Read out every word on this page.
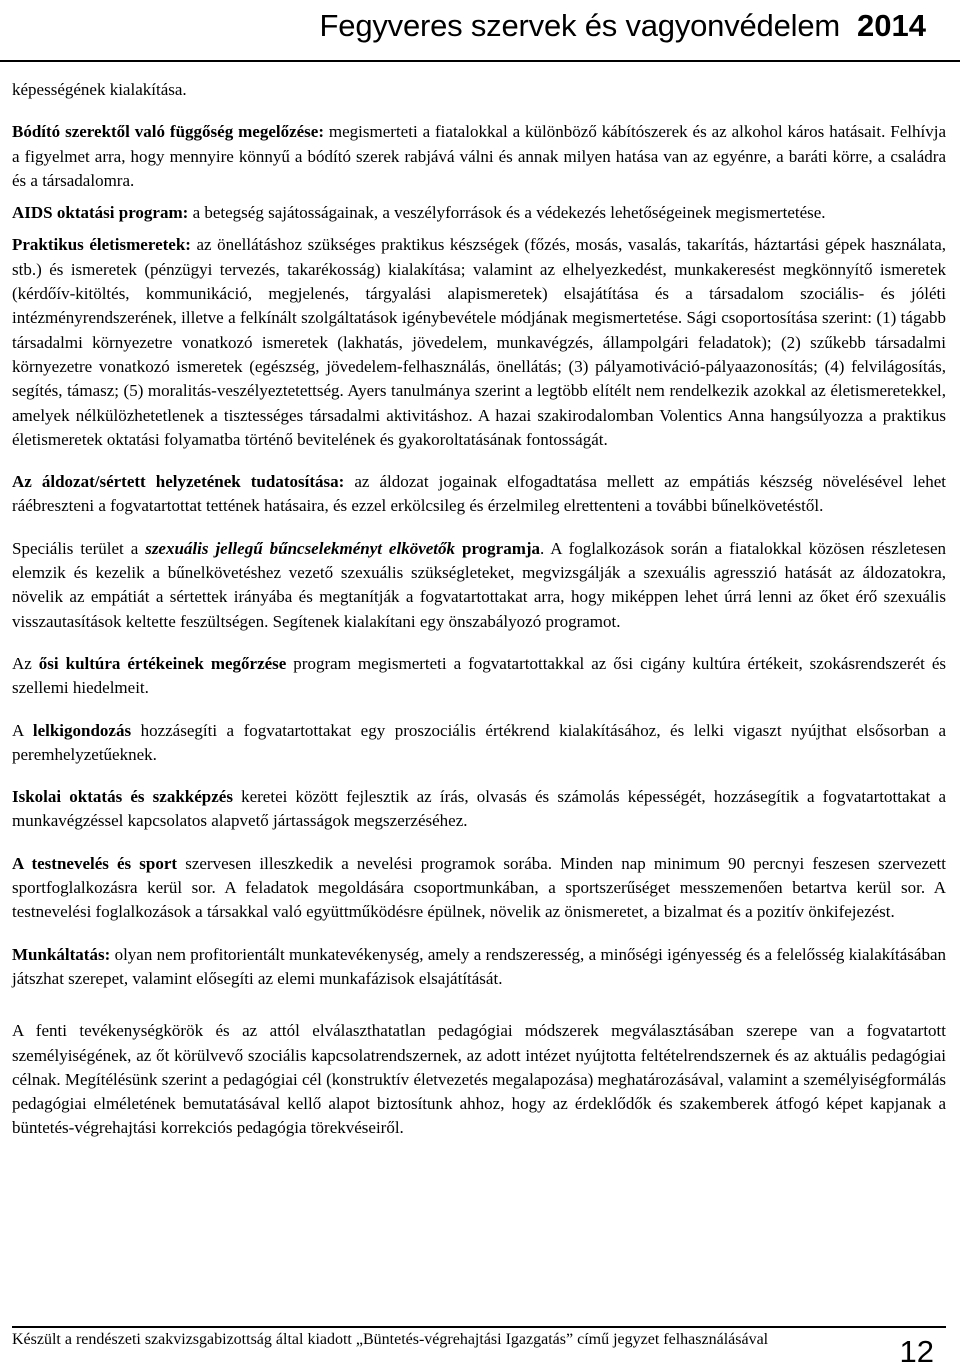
Fegyveres szervek és vagyonvédelem 2014

képességének kialakítása.

Bódító szerektől való függőség megelőzése: megismerteti a fiatalokkal a különböző kábítószerek és az alkohol káros hatásait. Felhívja a figyelmet arra, hogy mennyire könnyű a bódító szerek rabjává válni és annak milyen hatása van az egyénre, a baráti körre, a családra és a társadalomra.

AIDS oktatási program: a betegség sajátosságainak, a veszélyforrások és a védekezés lehetőségeinek megismertetése.

Praktikus életismeretek: az önellátáshoz szükséges praktikus készségek (főzés, mosás, vasalás, takarítás, háztartási gépek használata, stb.) és ismeretek (pénzügyi tervezés, takarékosság) kialakítása; valamint az elhelyezkedést, munkakeresést megkönnyítő ismeretek (kérdőív-kitöltés, kommunikáció, megjelenés, tárgyalási alapismeretek) elsajátítása és a társadalom szociális- és jóléti intézményrendszerének, illetve a felkínált szolgáltatások igénybevétele módjának megismertetése. Sági csoportosítása szerint: (1) tágabb társadalmi környezetre vonatkozó ismeretek (lakhatás, jövedelem, munkavégzés, állampolgári feladatok); (2) szűkebb társadalmi környezetre vonatkozó ismeretek (egészség, jövedelem-felhasználás, önellátás; (3) pályamotiváció-pályaazonosítás; (4) felvilágosítás, segítés, támasz; (5) moralitás-veszélyeztetettség. Ayers tanulmánya szerint a legtöbb elítélt nem rendelkezik azokkal az életismeretekkel, amelyek nélkülözhetetlenek a tisztességes társadalmi aktivitáshoz. A hazai szakirodalomban Volentics Anna hangsúlyozza a praktikus életismeretek oktatási folyamatba történő bevitelének és gyakoroltatásának fontosságát.

Az áldozat/sértett helyzetének tudatosítása: az áldozat jogainak elfogadtatása mellett az empátiás készség növelésével lehet ráébreszteni a fogvatartottat tettének hatásaira, és ezzel erkölcsileg és érzelmileg elrettenteni a további bűnelkövetéstől.

Speciális terület a szexuális jellegű bűncselekményt elkövetők programja. A foglalkozások során a fiatalokkal közösen részletesen elemzik és kezelik a bűnelkövetéshez vezető szexuális szükségleteket, megvizsgálják a szexuális agresszió hatását az áldozatokra, növelik az empátiát a sértettek irányába és megtanítják a fogvatartottakat arra, hogy miképpen lehet úrrá lenni az őket érő szexuális visszautasítások keltette feszültségen. Segítenek kialakítani egy önszabályozó programot.

Az ősi kultúra értékeinek megőrzése program megismerteti a fogvatartottakkal az ősi cigány kultúra értékeit, szokásrendszerét és szellemi hiedelmeit.

A lelkigondozás hozzásegíti a fogvatartottakat egy proszociális értékrend kialakításához, és lelki vigaszt nyújthat elsősorban a peremhelyzetűeknek.

Iskolai oktatás és szakképzés keretei között fejlesztik az írás, olvasás és számolás képességét, hozzásegítik a fogvatartottakat a munkavégzéssel kapcsolatos alapvető jártasságok megszerzéséhez.

A testnevelés és sport szervesen illeszkedik a nevelési programok sorába. Minden nap minimum 90 percnyi feszesen szervezett sportfoglalkozásra kerül sor. A feladatok megoldására csoportmunkában, a sportszerűséget messzemenően betartva kerül sor. A testnevelési foglalkozások a társakkal való együttműködésre épülnek, növelik az önismeretet, a bizalmat és a pozitív önkifejezést.

Munkáltatás: olyan nem profitorientált munkatevékenység, amely a rendszeresség, a minőségi igényesség és a felelősség kialakításában játszhat szerepet, valamint elősegíti az elemi munkafázisok elsajátítását.

A fenti tevékenységkörök és az attól elválaszthatatlan pedagógiai módszerek megválasztásában szerepe van a fogvatartott személyiségének, az őt körülvevő szociális kapcsolatrendszernek, az adott intézet nyújtotta feltételrendszernek és az aktuális pedagógiai célnak. Megítélésünk szerint a pedagógiai cél (konstruktív életvezetés megalapozása) meghatározásával, valamint a személyiségformálás pedagógiai elméletének bemutatásával kellő alapot biztosítunk ahhoz, hogy az érdeklődők és szakemberek átfogó képet kapjanak a büntetés-végrehajtási korrekciós pedagógia törekvéseiről.

Készült a rendészeti szakvizsgabizottság által kiadott „Büntetés-végrehajtási Igazgatás” című jegyzet felhasználásával	12
